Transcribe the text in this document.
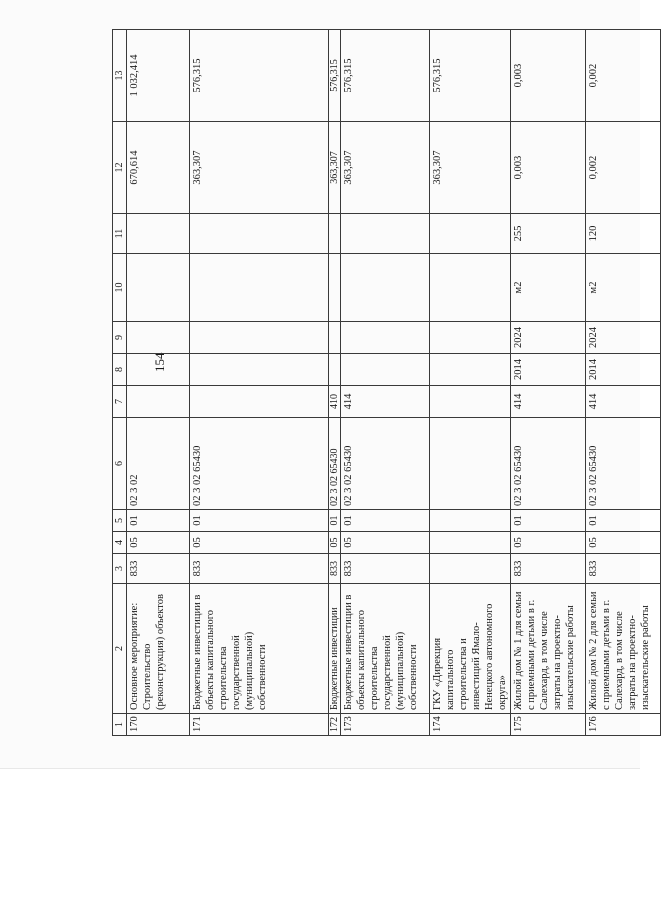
154
1	2	3	4	5	6	7	8	9	10	11	12	13
170	Основное мероприятие: Строительство (реконструкция) объектов	833	05	01	02 3 02						670,614	1 032,414
171	Бюджетные инвестиции в объекты капитального строительства государственной (муниципальной) собственности	833	05	01	02 3 02 65430						363,307	576,315
172	Бюджетные инвестиции	833	05	01	02 3 02 65430	410					363,307	576,315
173	Бюджетные инвестиции в объекты капитального строительства государственной (муниципальной) собственности	833	05	01	02 3 02 65430	414					363,307	576,315
174	ГКУ «Дирекция капитального строительства и инвестиций Ямало-Ненецкого автономного округа»										363,307	576,315
175	Жилой дом № 1 для семьи с приемными детьми в г. Салехард, в том числе затраты на проектно-изыскательские работы	833	05	01	02 3 02 65430	414	2014	2024	м2	255	0,003	0,003
176	Жилой дом № 2 для семьи с приемными детьми в г. Салехард, в том числе затраты на проектно-изыскательские работы	833	05	01	02 3 02 65430	414	2014	2024	м2	120	0,002	0,002
